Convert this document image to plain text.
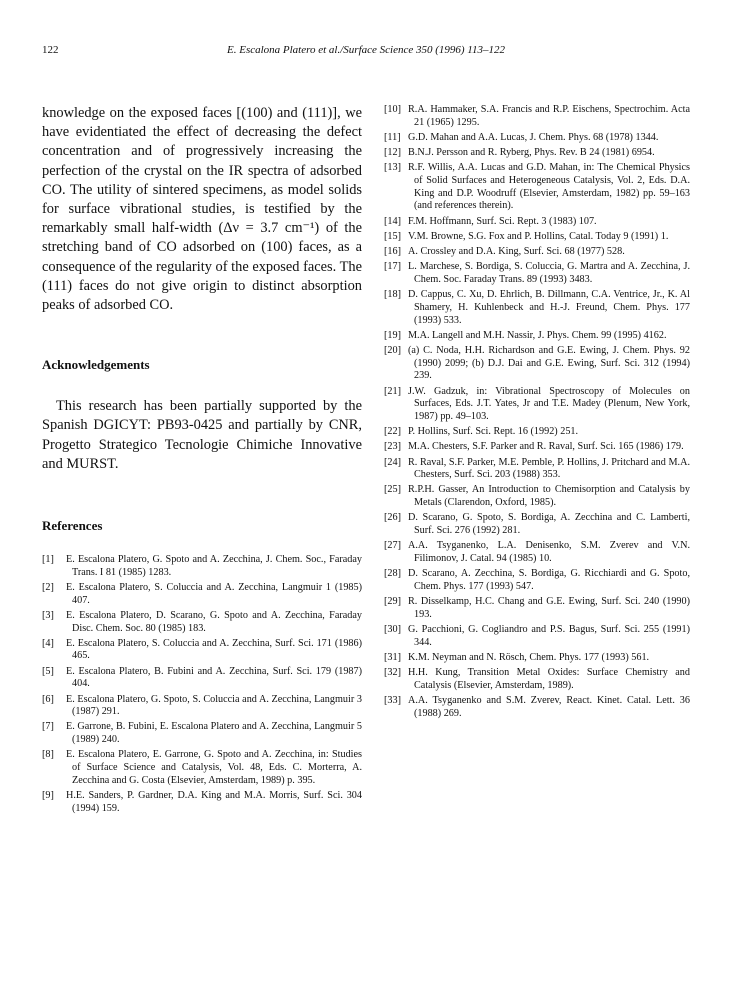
122	E. Escalona Platero et al./Surface Science 350 (1996) 113–122

knowledge on the exposed faces [(100) and (111)], we have evidentiated the effect of decreasing the defect concentration and of progressively increasing the perfection of the crystal on the IR spectra of adsorbed CO. The utility of sintered specimens, as model solids for surface vibrational studies, is testified by the remarkably small half-width (Δν = 3.7 cm⁻¹) of the stretching band of CO adsorbed on (100) faces, as a consequence of the regularity of the exposed faces. The (111) faces do not give origin to distinct absorption peaks of adsorbed CO.

Acknowledgements

This research has been partially supported by the Spanish DGICYT: PB93-0425 and partially by CNR, Progetto Strategico Tecnologie Chimiche Innovative and MURST.

References
[1] E. Escalona Platero, G. Spoto and A. Zecchina, J. Chem. Soc., Faraday Trans. I 81 (1985) 1283.
[2] E. Escalona Platero, S. Coluccia and A. Zecchina, Langmuir 1 (1985) 407.
[3] E. Escalona Platero, D. Scarano, G. Spoto and A. Zecchina, Faraday Disc. Chem. Soc. 80 (1985) 183.
[4] E. Escalona Platero, S. Coluccia and A. Zecchina, Surf. Sci. 171 (1986) 465.
[5] E. Escalona Platero, B. Fubini and A. Zecchina, Surf. Sci. 179 (1987) 404.
[6] E. Escalona Platero, G. Spoto, S. Coluccia and A. Zecchina, Langmuir 3 (1987) 291.
[7] E. Garrone, B. Fubini, E. Escalona Platero and A. Zecchina, Langmuir 5 (1989) 240.
[8] E. Escalona Platero, E. Garrone, G. Spoto and A. Zecchina, in: Studies of Surface Science and Catalysis, Vol. 48, Eds. C. Morterra, A. Zecchina and G. Costa (Elsevier, Amsterdam, 1989) p. 395.
[9] H.E. Sanders, P. Gardner, D.A. King and M.A. Morris, Surf. Sci. 304 (1994) 159.
[10] R.A. Hammaker, S.A. Francis and R.P. Eischens, Spectrochim. Acta 21 (1965) 1295.
[11] G.D. Mahan and A.A. Lucas, J. Chem. Phys. 68 (1978) 1344.
[12] B.N.J. Persson and R. Ryberg, Phys. Rev. B 24 (1981) 6954.
[13] R.F. Willis, A.A. Lucas and G.D. Mahan, in: The Chemical Physics of Solid Surfaces and Heterogeneous Catalysis, Vol. 2, Eds. D.A. King and D.P. Woodruff (Elsevier, Amsterdam, 1982) pp. 59–163 (and references therein).
[14] F.M. Hoffmann, Surf. Sci. Rept. 3 (1983) 107.
[15] V.M. Browne, S.G. Fox and P. Hollins, Catal. Today 9 (1991) 1.
[16] A. Crossley and D.A. King, Surf. Sci. 68 (1977) 528.
[17] L. Marchese, S. Bordiga, S. Coluccia, G. Martra and A. Zecchina, J. Chem. Soc. Faraday Trans. 89 (1993) 3483.
[18] D. Cappus, C. Xu, D. Ehrlich, B. Dillmann, C.A. Ventrice, Jr., K. Al Shamery, H. Kuhlenbeck and H.-J. Freund, Chem. Phys. 177 (1993) 533.
[19] M.A. Langell and M.H. Nassir, J. Phys. Chem. 99 (1995) 4162.
[20] (a) C. Noda, H.H. Richardson and G.E. Ewing, J. Chem. Phys. 92 (1990) 2099; (b) D.J. Dai and G.E. Ewing, Surf. Sci. 312 (1994) 239.
[21] J.W. Gadzuk, in: Vibrational Spectroscopy of Molecules on Surfaces, Eds. J.T. Yates, Jr and T.E. Madey (Plenum, New York, 1987) pp. 49–103.
[22] P. Hollins, Surf. Sci. Rept. 16 (1992) 251.
[23] M.A. Chesters, S.F. Parker and R. Raval, Surf. Sci. 165 (1986) 179.
[24] R. Raval, S.F. Parker, M.E. Pemble, P. Hollins, J. Pritchard and M.A. Chesters, Surf. Sci. 203 (1988) 353.
[25] R.P.H. Gasser, An Introduction to Chemisorption and Catalysis by Metals (Clarendon, Oxford, 1985).
[26] D. Scarano, G. Spoto, S. Bordiga, A. Zecchina and C. Lamberti, Surf. Sci. 276 (1992) 281.
[27] A.A. Tsyganenko, L.A. Denisenko, S.M. Zverev and V.N. Filimonov, J. Catal. 94 (1985) 10.
[28] D. Scarano, A. Zecchina, S. Bordiga, G. Ricchiardi and G. Spoto, Chem. Phys. 177 (1993) 547.
[29] R. Disselkamp, H.C. Chang and G.E. Ewing, Surf. Sci. 240 (1990) 193.
[30] G. Pacchioni, G. Cogliandro and P.S. Bagus, Surf. Sci. 255 (1991) 344.
[31] K.M. Neyman and N. Rösch, Chem. Phys. 177 (1993) 561.
[32] H.H. Kung, Transition Metal Oxides: Surface Chemistry and Catalysis (Elsevier, Amsterdam, 1989).
[33] A.A. Tsyganenko and S.M. Zverev, React. Kinet. Catal. Lett. 36 (1988) 269.
